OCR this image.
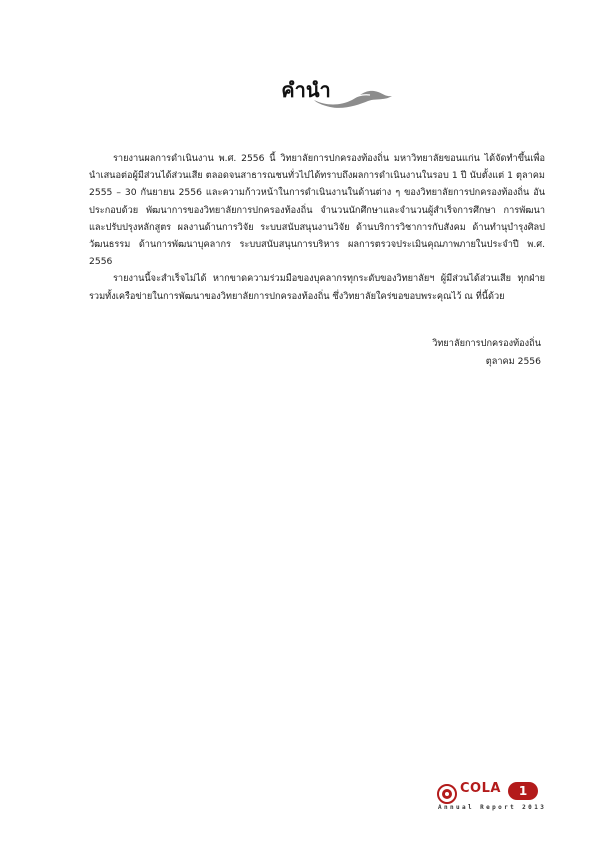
คำนำ

รายงานผลการดำเนินงาน พ.ศ. 2556 นี้ วิทยาลัยการปกครองท้องถิ่น มหาวิทยาลัยขอนแก่น ได้จัดทำขึ้นเพื่อนำเสนอต่อผู้มีส่วนได้ส่วนเสีย ตลอดจนสาธารณชนทั่วไปได้ทราบถึงผลการดำเนินงานในรอบ 1 ปี นับตั้งแต่ 1 ตุลาคม 2555 – 30 กันยายน 2556 และความก้าวหน้าในการดำเนินงานในด้านต่าง ๆ ของวิทยาลัยการปกครองท้องถิ่น อันประกอบด้วย พัฒนาการของวิทยาลัยการปกครองท้องถิ่น จำนวนนักศึกษาและจำนวนผู้สำเร็จการศึกษา การพัฒนาและปรับปรุงหลักสูตร ผลงานด้านการวิจัย ระบบสนับสนุนงานวิจัย ด้านบริการวิชาการกับสังคม ด้านทำนุบำรุงศิลปวัฒนธรรม ด้านการพัฒนาบุคลากร ระบบสนับสนุนการบริหาร ผลการตรวจประเมินคุณภาพภายในประจำปี พ.ศ. 2556

รายงานนี้จะสำเร็จไม่ได้ หากขาดความร่วมมือของบุคลากรทุกระดับของวิทยาลัยฯ ผู้มีส่วนได้ส่วนเสีย ทุกฝ่าย รวมทั้งเครือข่ายในการพัฒนาของวิทยาลัยการปกครองท้องถิ่น ซึ่งวิทยาลัยใคร่ขอขอบพระคุณไว้ ณ ที่นี้ด้วย

วิทยาลัยการปกครองท้องถิ่น
ตุลาคม 2556
COLA
Annual Report 2013
1
